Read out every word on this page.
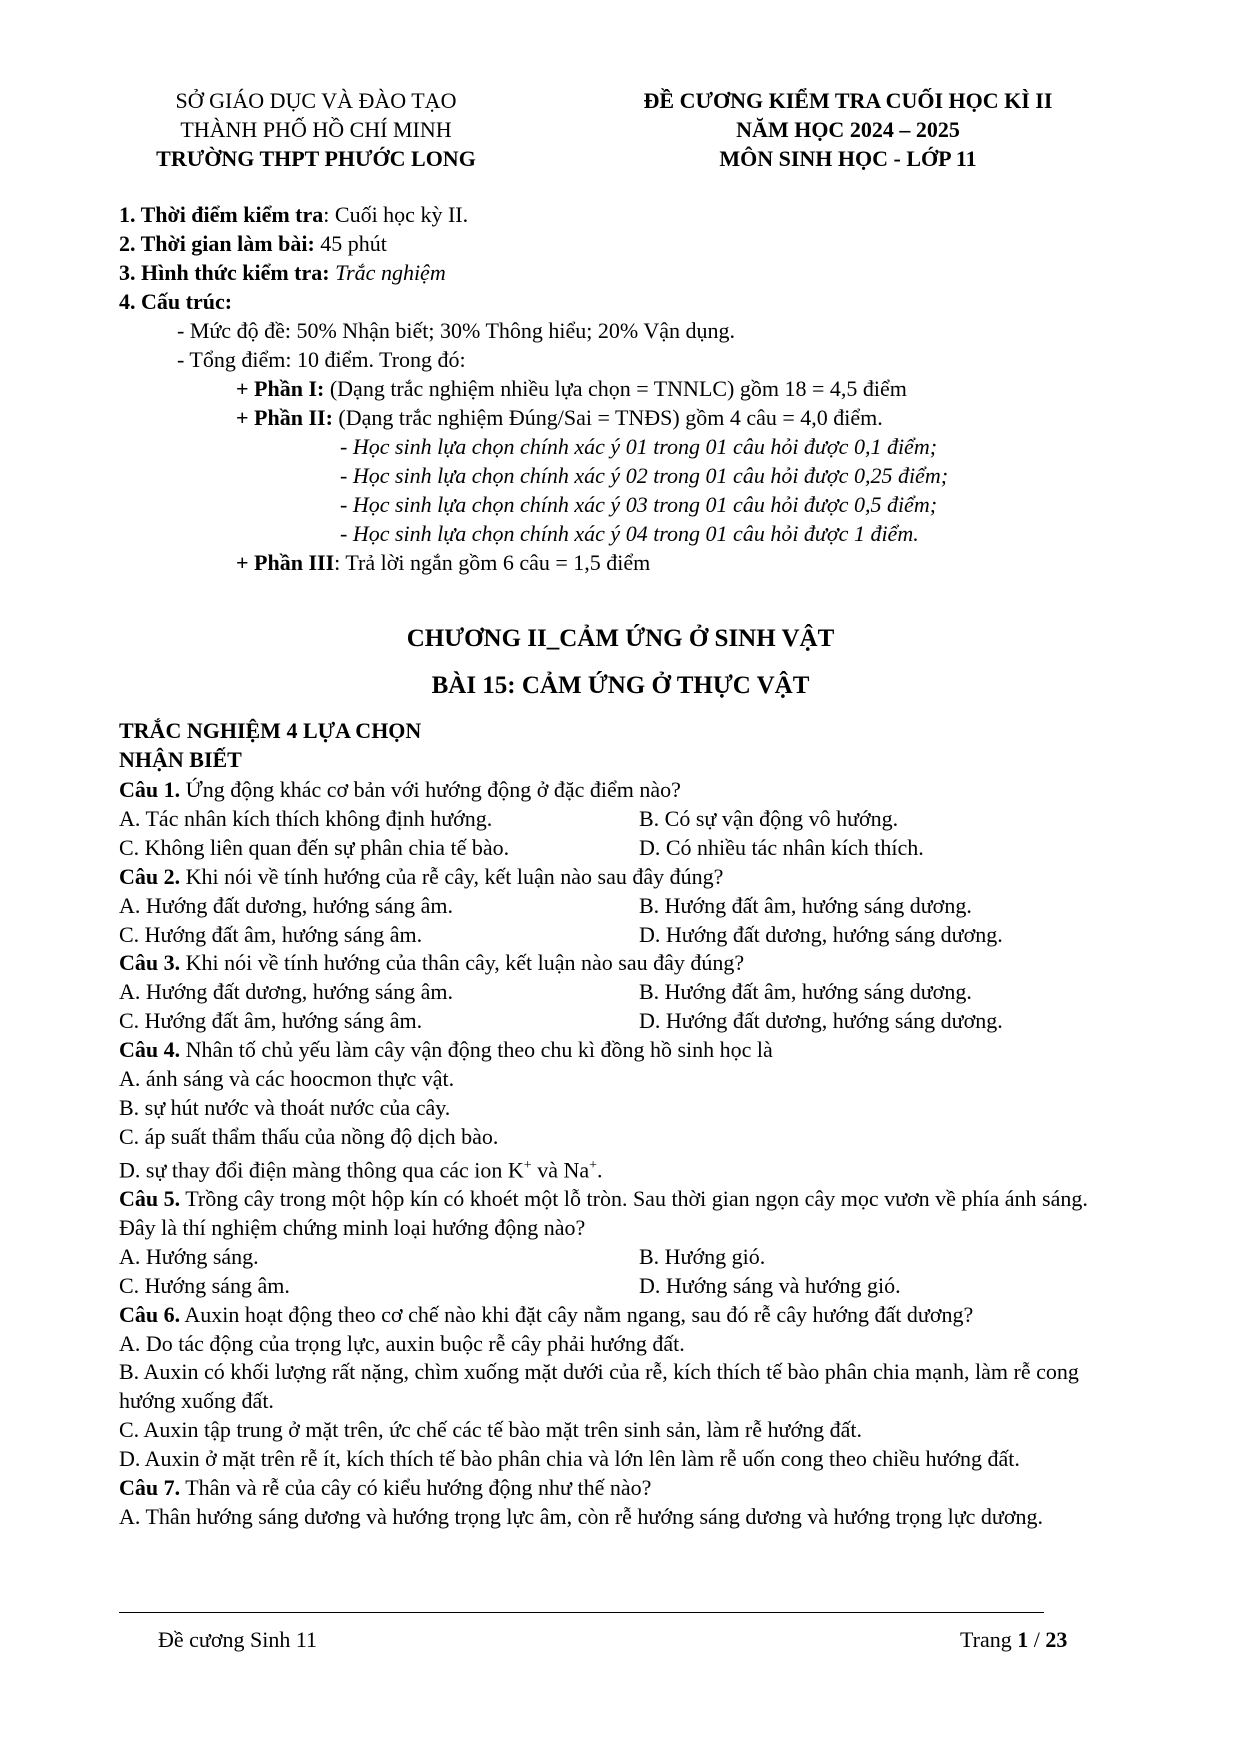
SỞ GIÁO DỤC VÀ ĐÀO TẠO
THÀNH PHỐ HỒ CHÍ MINH
TRƯỜNG THPT PHƯỚC LONG
ĐỀ CƯƠNG KIỂM TRA CUỐI HỌC KÌ II
NĂM HỌC 2024 – 2025
MÔN SINH HỌC - LỚP 11
1. Thời điểm kiểm tra: Cuối học kỳ II.
2. Thời gian làm bài: 45 phút
3. Hình thức kiểm tra: Trắc nghiệm
4. Cấu trúc:
- Mức độ đề: 50% Nhận biết; 30% Thông hiểu; 20% Vận dụng.
- Tổng điểm: 10 điểm. Trong đó:
+ Phần I: (Dạng trắc nghiệm nhiều lựa chọn = TNNLC) gồm 18 = 4,5 điểm
+ Phần II: (Dạng trắc nghiệm Đúng/Sai = TNĐS) gồm 4 câu = 4,0 điểm.
- Học sinh lựa chọn chính xác ý 01 trong 01 câu hỏi được 0,1 điểm;
- Học sinh lựa chọn chính xác ý 02 trong 01 câu hỏi được 0,25 điểm;
- Học sinh lựa chọn chính xác ý 03 trong 01 câu hỏi được 0,5 điểm;
- Học sinh lựa chọn chính xác ý 04 trong 01 câu hỏi được 1 điểm.
+ Phần III: Trả lời ngắn gồm 6 câu = 1,5 điểm
CHƯƠNG II_CẢM ỨNG Ở SINH VẬT
BÀI 15: CẢM ỨNG Ở THỰC VẬT
TRẮC NGHIỆM 4 LỰA CHỌN
NHẬN BIẾT
Câu 1. Ứng động khác cơ bản với hướng động ở đặc điểm nào?
A. Tác nhân kích thích không định hướng.	B. Có sự vận động vô hướng.
C. Không liên quan đến sự phân chia tế bào.	D. Có nhiều tác nhân kích thích.
Câu 2. Khi nói về tính hướng của rễ cây, kết luận nào sau đây đúng?
A. Hướng đất dương, hướng sáng âm.	B. Hướng đất âm, hướng sáng dương.
C. Hướng đất âm, hướng sáng âm.	D. Hướng đất dương, hướng sáng dương.
Câu 3. Khi nói về tính hướng của thân cây, kết luận nào sau đây đúng?
A. Hướng đất dương, hướng sáng âm.	B. Hướng đất âm, hướng sáng dương.
C. Hướng đất âm, hướng sáng âm.	D. Hướng đất dương, hướng sáng dương.
Câu 4. Nhân tố chủ yếu làm cây vận động theo chu kì đồng hồ sinh học là
A. ánh sáng và các hoocmon thực vật.
B. sự hút nước và thoát nước của cây.
C. áp suất thẩm thấu của nồng độ dịch bào.
D. sự thay đổi điện màng thông qua các ion K+ và Na+.
Câu 5. Trồng cây trong một hộp kín có khoét một lỗ tròn. Sau thời gian ngọn cây mọc vươn về phía ánh sáng. Đây là thí nghiệm chứng minh loại hướng động nào?
A. Hướng sáng.	B. Hướng gió.
C. Hướng sáng âm.	D. Hướng sáng và hướng gió.
Câu 6. Auxin hoạt động theo cơ chế nào khi đặt cây nằm ngang, sau đó rễ cây hướng đất dương?
A. Do tác động của trọng lực, auxin buộc rễ cây phải hướng đất.
B. Auxin có khối lượng rất nặng, chìm xuống mặt dưới của rễ, kích thích tế bào phân chia mạnh, làm rễ cong hướng xuống đất.
C. Auxin tập trung ở mặt trên, ức chế các tế bào mặt trên sinh sản, làm rễ hướng đất.
D. Auxin ở mặt trên rễ ít, kích thích tế bào phân chia và lớn lên làm rễ uốn cong theo chiều hướng đất.
Câu 7. Thân và rễ của cây có kiểu hướng động như thế nào?
A. Thân hướng sáng dương và hướng trọng lực âm, còn rễ hướng sáng dương và hướng trọng lực dương.
Đề cương Sinh 11	Trang 1 / 23
